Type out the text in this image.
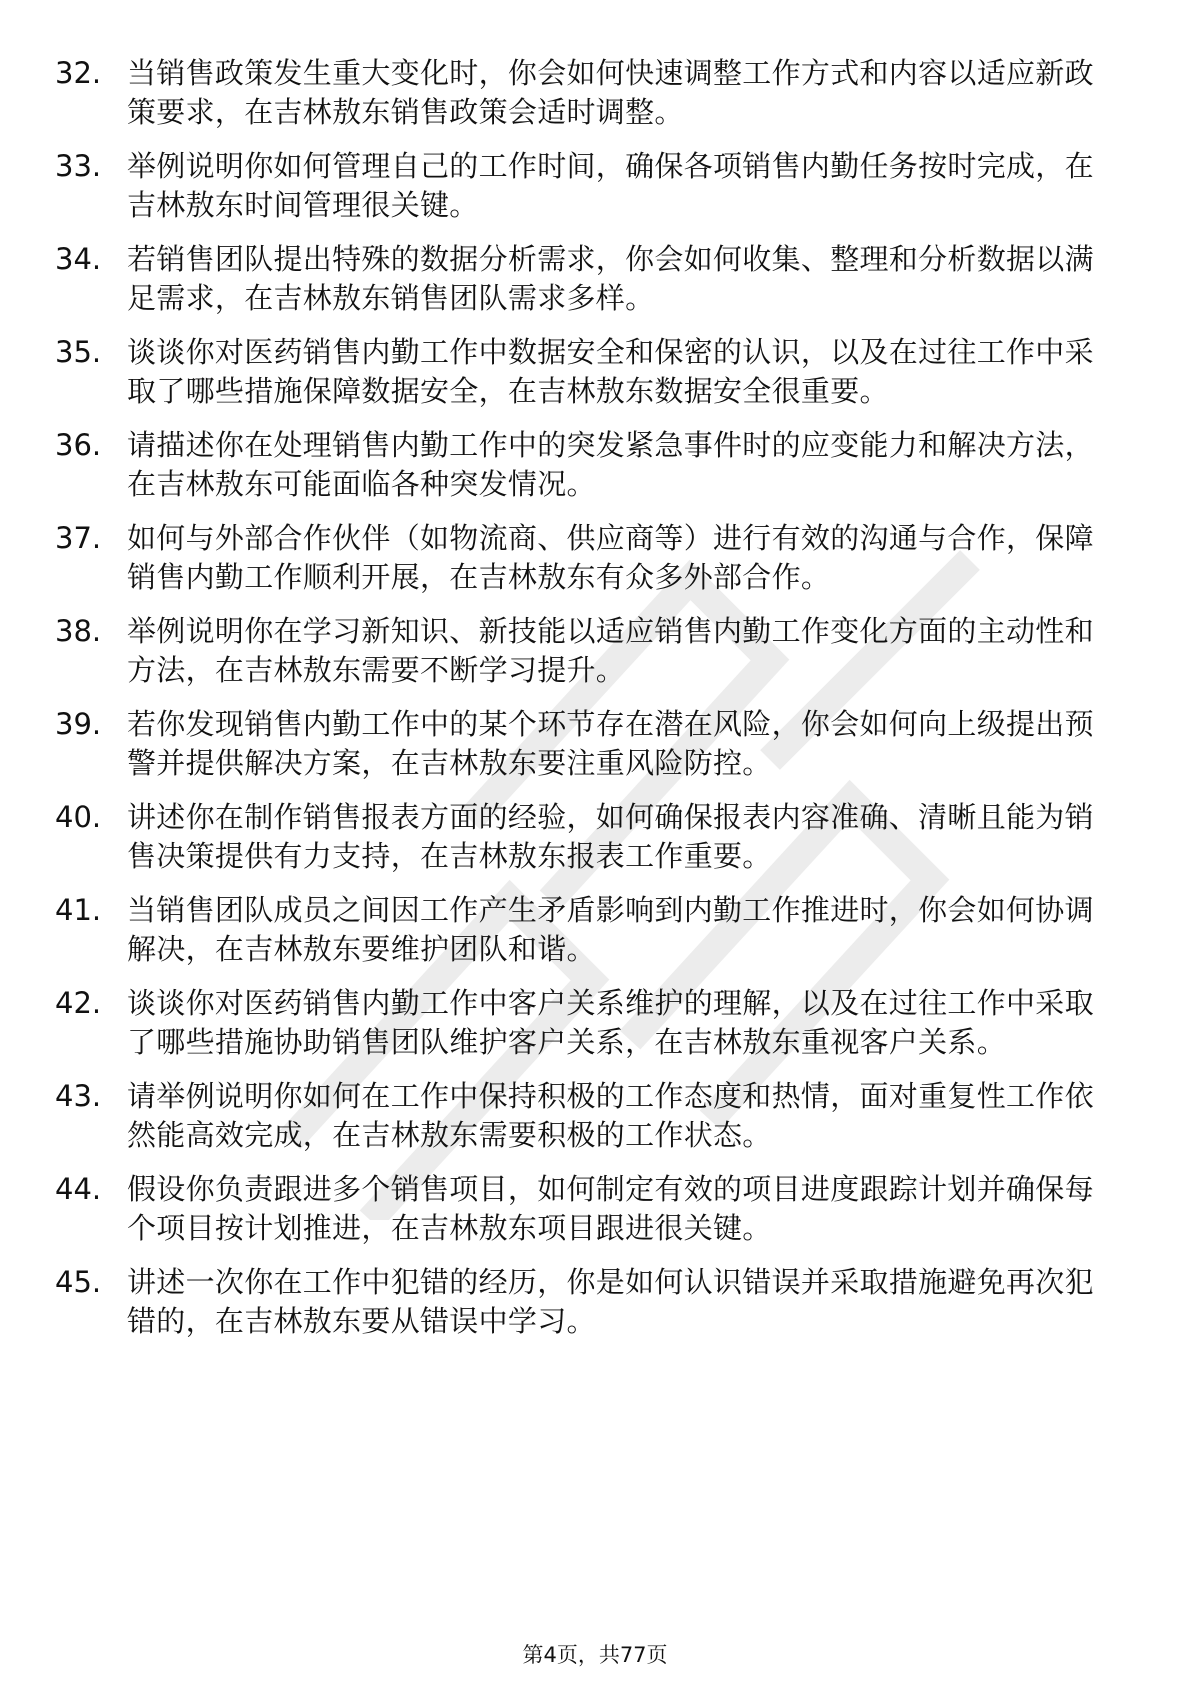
32. 当销售政策发生重大变化时，你会如何快速调整工作方式和内容以适应新政策要求，在吉林敖东销售政策会适时调整。
33. 举例说明你如何管理自己的工作时间，确保各项销售内勤任务按时完成，在吉林敖东时间管理很关键。
34. 若销售团队提出特殊的数据分析需求，你会如何收集、整理和分析数据以满足需求，在吉林敖东销售团队需求多样。
35. 谈谈你对医药销售内勤工作中数据安全和保密的认识，以及在过往工作中采取了哪些措施保障数据安全，在吉林敖东数据安全很重要。
36. 请描述你在处理销售内勤工作中的突发紧急事件时的应变能力和解决方法，在吉林敖东可能面临各种突发情况。
37. 如何与外部合作伙伴（如物流商、供应商等）进行有效的沟通与合作，保障销售内勤工作顺利开展，在吉林敖东有众多外部合作。
38. 举例说明你在学习新知识、新技能以适应销售内勤工作变化方面的主动性和方法，在吉林敖东需要不断学习提升。
39. 若你发现销售内勤工作中的某个环节存在潜在风险，你会如何向上级提出预警并提供解决方案，在吉林敖东要注重风险防控。
40. 讲述你在制作销售报表方面的经验，如何确保报表内容准确、清晰且能为销售决策提供有力支持，在吉林敖东报表工作重要。
41. 当销售团队成员之间因工作产生矛盾影响到内勤工作推进时，你会如何协调解决，在吉林敖东要维护团队和谐。
42. 谈谈你对医药销售内勤工作中客户关系维护的理解，以及在过往工作中采取了哪些措施协助销售团队维护客户关系，在吉林敖东重视客户关系。
43. 请举例说明你如何在工作中保持积极的工作态度和热情，面对重复性工作依然能高效完成，在吉林敖东需要积极的工作状态。
44. 假设你负责跟进多个销售项目，如何制定有效的项目进度跟踪计划并确保每个项目按计划推进，在吉林敖东项目跟进很关键。
45. 讲述一次你在工作中犯错的经历，你是如何认识错误并采取措施避免再次犯错的，在吉林敖东要从错误中学习。
第4页，共77页
